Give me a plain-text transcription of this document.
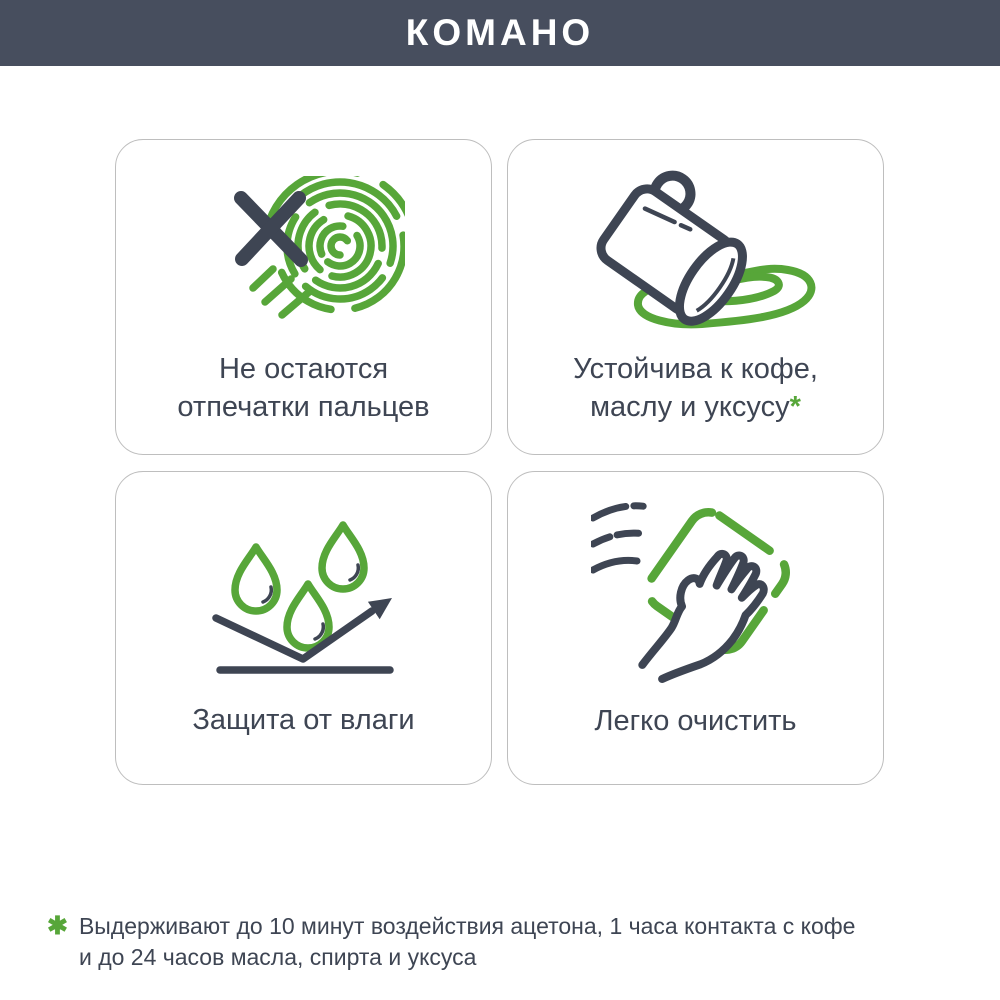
КОМАНО
Не остаются
отпечатки пальцев
Устойчива к кофе,
маслу и уксусу*
Защита от влаги	Легко очистить
✱ Выдерживают до 10 минут воздействия ацетона, 1 часа контакта с кофе
и до 24 часов масла, спирта и уксуса
